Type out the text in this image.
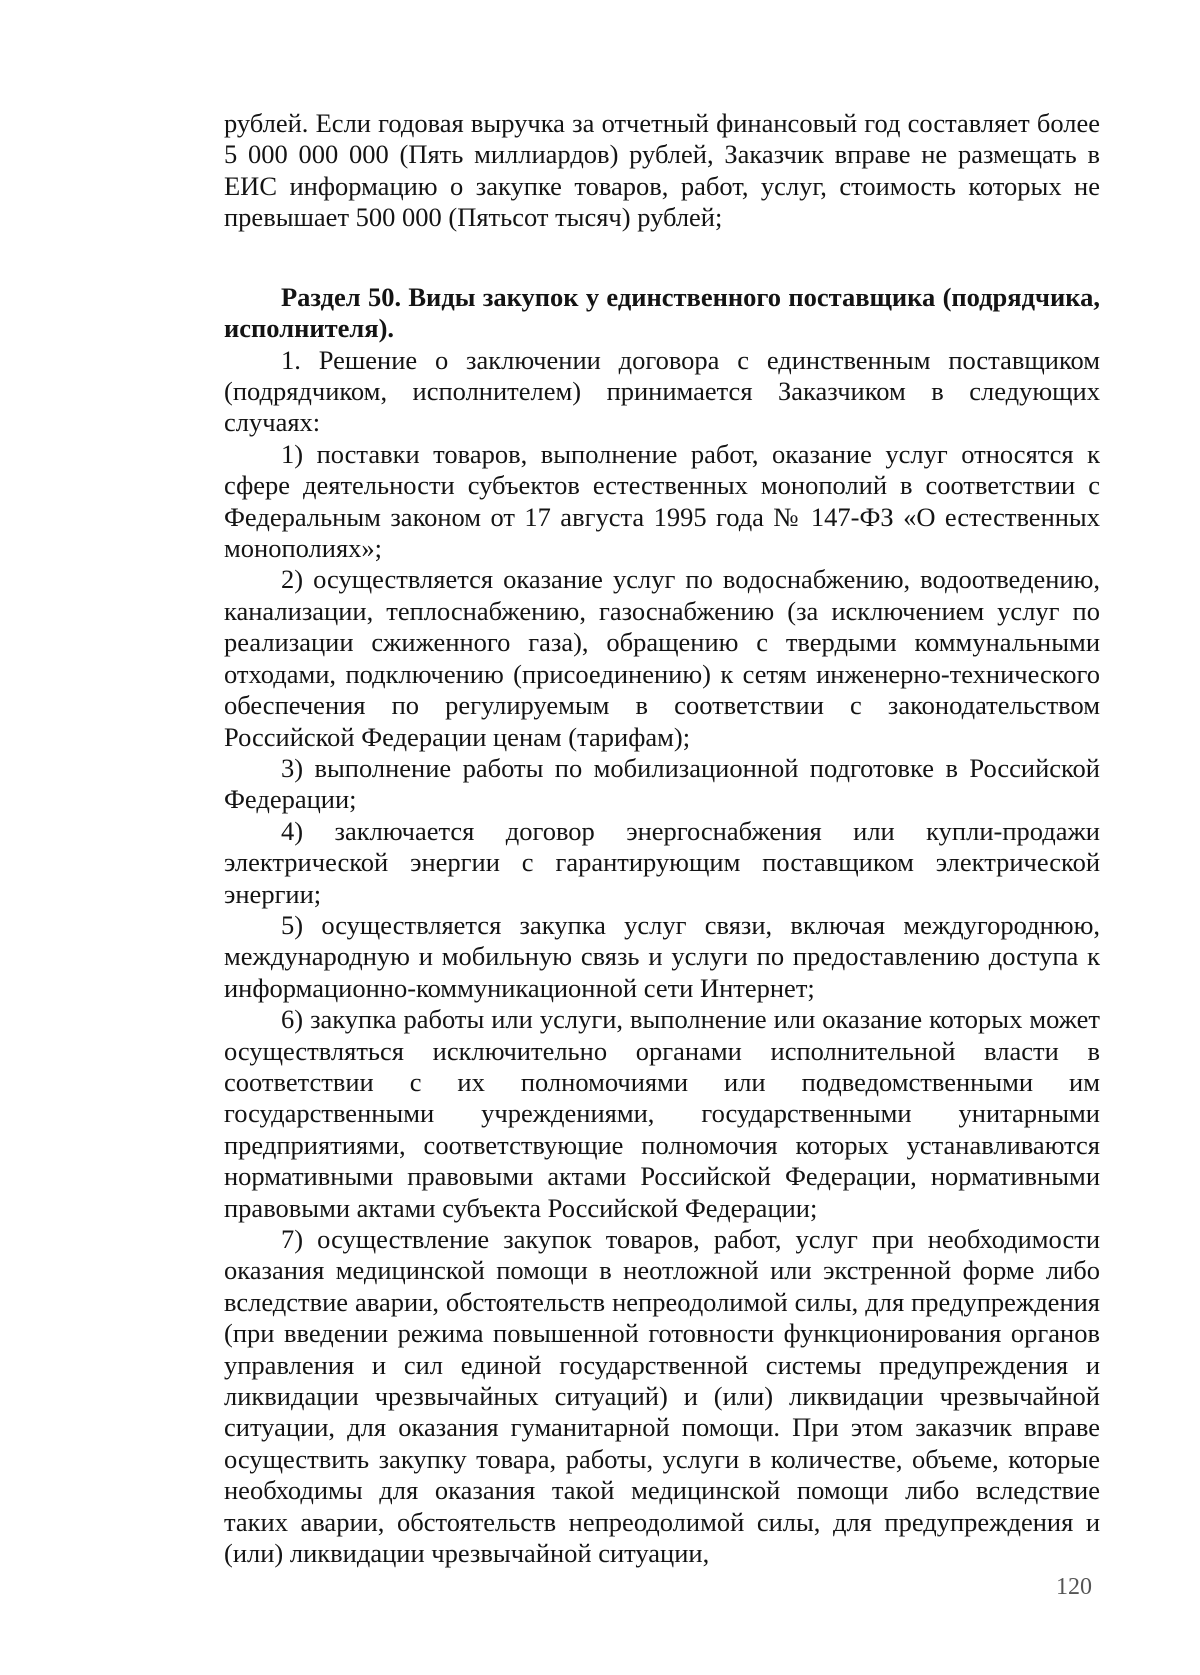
рублей. Если годовая выручка за отчетный финансовый год составляет более 5 000 000 000 (Пять миллиардов) рублей, Заказчик вправе не размещать в ЕИС информацию о закупке товаров, работ, услуг, стоимость которых не превышает 500 000 (Пятьсот тысяч) рублей;

Раздел 50. Виды закупок у единственного поставщика (подрядчика, исполнителя).

1. Решение о заключении договора с единственным поставщиком (подрядчиком, исполнителем) принимается Заказчиком в следующих случаях:

1) поставки товаров, выполнение работ, оказание услуг относятся к сфере деятельности субъектов естественных монополий в соответствии с Федеральным законом от 17 августа 1995 года № 147-ФЗ «О естественных монополиях»;

2) осуществляется оказание услуг по водоснабжению, водоотведению, канализации, теплоснабжению, газоснабжению (за исключением услуг по реализации сжиженного газа), обращению с твердыми коммунальными отходами, подключению (присоединению) к сетям инженерно-технического обеспечения по регулируемым в соответствии с законодательством Российской Федерации ценам (тарифам);

3) выполнение работы по мобилизационной подготовке в Российской Федерации;

4) заключается договор энергоснабжения или купли-продажи электрической энергии с гарантирующим поставщиком электрической энергии;

5) осуществляется закупка услуг связи, включая междугороднюю, международную и мобильную связь и услуги по предоставлению доступа к информационно-коммуникационной сети Интернет;

6) закупка работы или услуги, выполнение или оказание которых может осуществляться исключительно органами исполнительной власти в соответствии с их полномочиями или подведомственными им государственными учреждениями, государственными унитарными предприятиями, соответствующие полномочия которых устанавливаются нормативными правовыми актами Российской Федерации, нормативными правовыми актами субъекта Российской Федерации;

7) осуществление закупок товаров, работ, услуг при необходимости оказания медицинской помощи в неотложной или экстренной форме либо вследствие аварии, обстоятельств непреодолимой силы, для предупреждения (при введении режима повышенной готовности функционирования органов управления и сил единой государственной системы предупреждения и ликвидации чрезвычайных ситуаций) и (или) ликвидации чрезвычайной ситуации, для оказания гуманитарной помощи. При этом заказчик вправе осуществить закупку товара, работы, услуги в количестве, объеме, которые необходимы для оказания такой медицинской помощи либо вследствие таких аварии, обстоятельств непреодолимой силы, для предупреждения и (или) ликвидации чрезвычайной ситуации,

120
